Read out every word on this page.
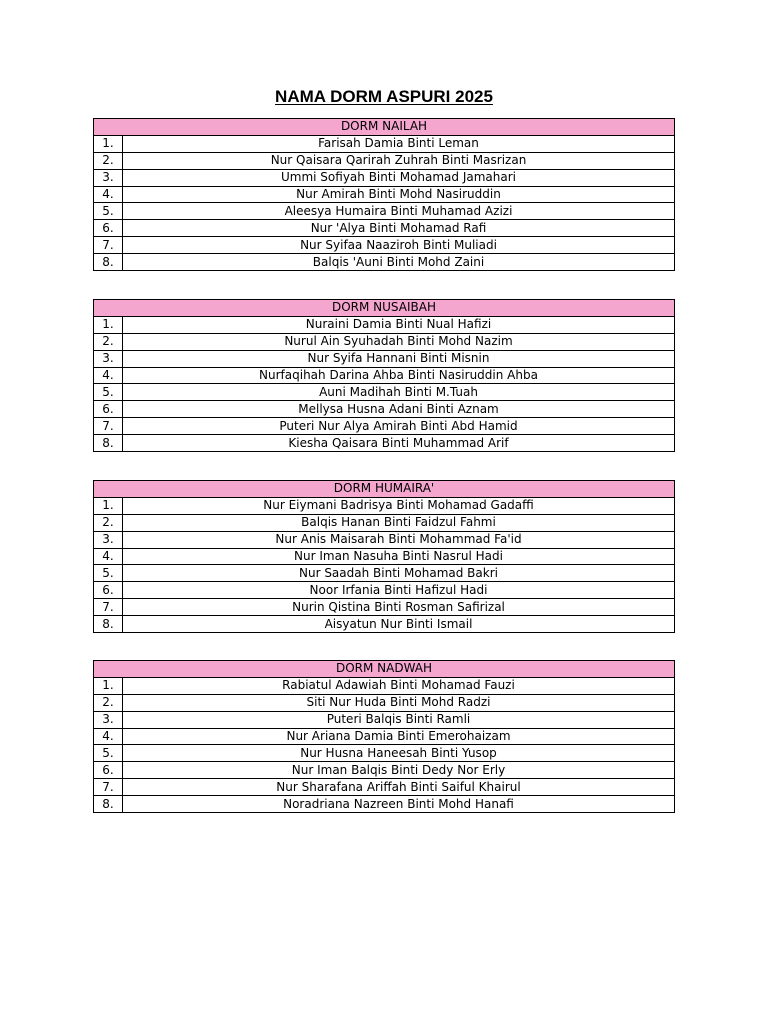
NAMA DORM ASPURI 2025
DORM NAILAH	
1.	Farisah Damia Binti Leman
2.	Nur Qaisara Qarirah Zuhrah Binti Masrizan
3.	Ummi Sofiyah Binti Mohamad Jamahari
4.	Nur Amirah Binti Mohd Nasiruddin
5.	Aleesya Humaira Binti Muhamad Azizi
6.	Nur 'Alya Binti Mohamad Rafi
7.	Nur Syifaa Naaziroh Binti Muliadi
8.	Balqis 'Auni Binti Mohd Zaini
DORM NUSAIBAH	
1.	Nuraini Damia Binti Nual Hafizi
2.	Nurul Ain Syuhadah Binti Mohd Nazim
3.	Nur Syifa Hannani Binti Misnin
4.	Nurfaqihah Darina Ahba Binti Nasiruddin Ahba
5.	Auni Madihah Binti M.Tuah
6.	Mellysa Husna Adani Binti Aznam
7.	Puteri Nur Alya Amirah Binti Abd Hamid
8.	Kiesha Qaisara Binti Muhammad Arif
DORM HUMAIRA'	
1.	Nur Eiymani Badrisya Binti Mohamad Gadaffi
2.	Balqis Hanan Binti Faidzul Fahmi
3.	Nur Anis Maisarah Binti Mohammad Fa'id
4.	Nur Iman Nasuha Binti Nasrul Hadi
5.	Nur Saadah Binti Mohamad Bakri
6.	Noor Irfania Binti Hafizul Hadi
7.	Nurin Qistina Binti Rosman Safirizal
8.	Aisyatun Nur Binti Ismail
DORM NADWAH	
1.	Rabiatul Adawiah Binti Mohamad Fauzi
2.	Siti Nur Huda Binti Mohd Radzi
3.	Puteri Balqis Binti Ramli
4.	Nur Ariana Damia Binti Emerohaizam
5.	Nur Husna Haneesah Binti Yusop
6.	Nur Iman Balqis Binti Dedy Nor Erly
7.	Nur Sharafana Ariffah Binti Saiful Khairul
8.	Noradriana Nazreen Binti Mohd Hanafi
